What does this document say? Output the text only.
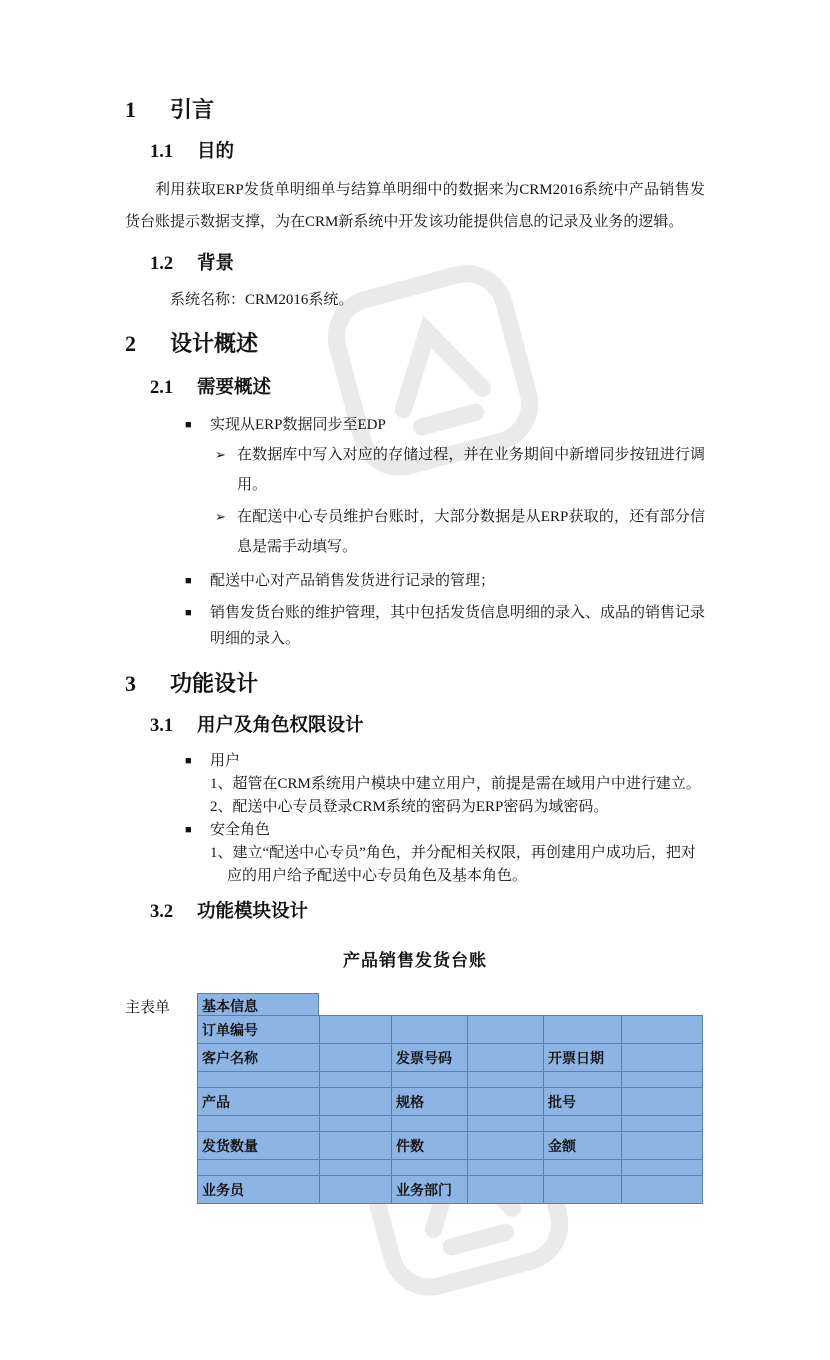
1	引言
1.1	目的

利用获取ERP发货单明细单与结算单明细中的数据来为CRM2016系统中产品销售发货台账提示数据支撑，为在CRM新系统中开发该功能提供信息的记录及业务的逻辑。

1.2	背景

系统名称：CRM2016系统。

2	设计概述
2.1	需要概述
■	实现从ERP数据同步至EDP
➢ 在数据库中写入对应的存储过程，并在业务期间中新增同步按钮进行调用。
➢ 在配送中心专员维护台账时，大部分数据是从ERP获取的，还有部分信息是需手动填写。
■	配送中心对产品销售发货进行记录的管理；
■	销售发货台账的维护管理，其中包括发货信息明细的录入、成品的销售记录明细的录入。
3	功能设计
3.1	用户及角色权限设计
■	用户
1、超管在CRM系统用户模块中建立用户，前提是需在域用户中进行建立。
2、配送中心专员登录CRM系统的密码为ERP密码为域密码。
■	安全角色
1、建立“配送中心专员”角色，并分配相关权限，再创建用户成功后，把对应的用户给予配送中心专员角色及基本角色。
3.2	功能模块设计
产品销售发货台账
主表单	基本信息
订单编号					
客户名称		发票号码		开票日期	

产品		规格		批号	

发货数量		件数		金额	

业务员		业务部门			
